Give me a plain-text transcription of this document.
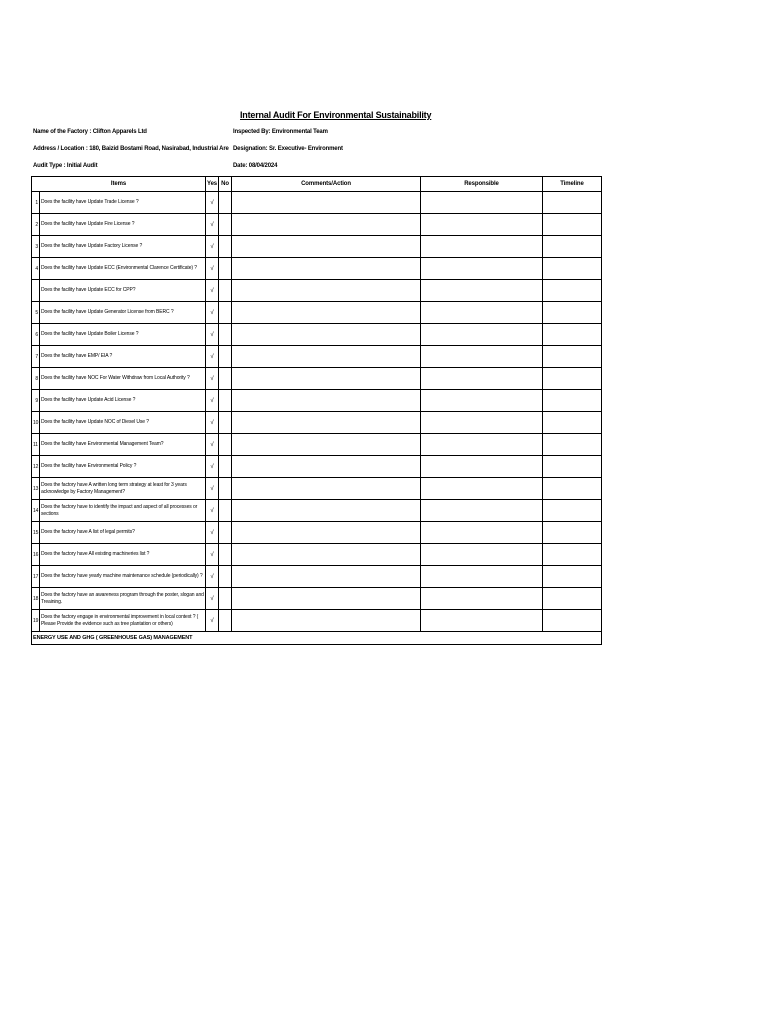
Internal Audit For Environmental Sustainability
Name of the Factory : Clifton Apparels Ltd
Address / Location : 180, Baizid Bostami Road, Nasirabad, Industrial Are
Audit Type : Initial Audit
Inspected By: Environmental Team
Designation: Sr. Executive- Environment
Date: 08/04/2024
Items		Yes	No	Comments/Action	Responsible	Timeline
1	Does the facility have Update Trade License ?	√				
2	Does the facility have Update Fire License ?	√				
3	Does the facility have Update Factory License ?	√				
4	Does the facility have Update ECC (Environmental Clarence Certificate) ?	√				
	Does the facility have Update ECC for CPP?	√				
5	Does the facility have Update Generator License from BERC ?	√				
6	Does the facility have Update Boiler License ?	√				
7	Does the facility have EMP/ EIA ?	√				
8	Does the facility have NOC For Water Withdraw from Local Authority ?	√				
9	Does the facility have Update Acid License ?	√				
10	Does the facility have Update NOC of Diesel Use ?	√				
11	Does the facility have Environmental Management Team?	√				
12	Does the facility have Environmental Policy ?	√				
13	Does the factory have A written long term strategy at least for 3 years acknowledge by Factory Management?	√				
14	Does the factory have to identify the impact and aspect of all processes or sections	√				
15	Does the factory have A list of legal permits?	√				
16	Does the factory have All existing machineries list ?	√				
17	Does the factory have yearly machine maintenance schedule (periodically) ?	√				
18	Does the factory have an awareness program through the poster, slogan and Treaining.	√				
19	Does the factory engage in environmental improvement in local context ? ( Please Provide the evidence such as tree plantation or others)	√				
ENERGY USE AND GHG ( GREENHOUSE GAS) MANAGEMENT						
